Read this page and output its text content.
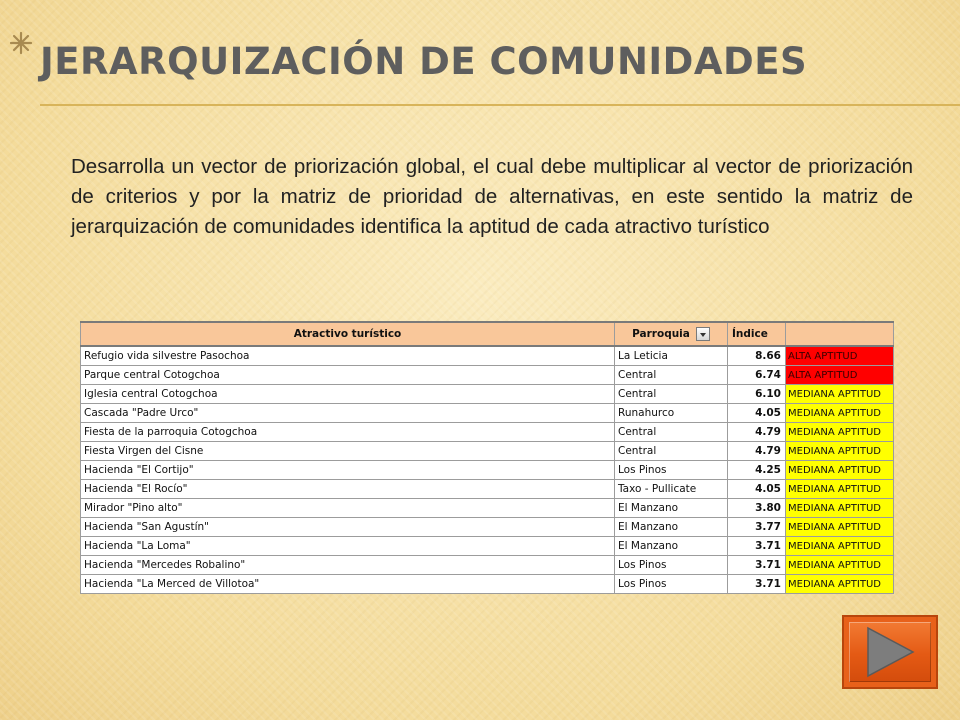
JERARQUIZACIÓN DE COMUNIDADES

Desarrolla un vector de priorización global, el cual debe multiplicar al vector de priorización de criterios y por la matriz de prioridad de alternativas, en este sentido la matriz de jerarquización de comunidades identifica la aptitud de cada atractivo turístico

Atractivo turístico	Parroquia	Índice	
Refugio vida silvestre Pasochoa	La Leticia	8.66	ALTA APTITUD
Parque central Cotogchoa	Central	6.74	ALTA APTITUD
Iglesia central Cotogchoa	Central	6.10	MEDIANA APTITUD
Cascada "Padre Urco"	Runahurco	4.05	MEDIANA APTITUD
Fiesta de la parroquia Cotogchoa	Central	4.79	MEDIANA APTITUD
Fiesta Virgen del Cisne	Central	4.79	MEDIANA APTITUD
Hacienda "El Cortijo"	Los Pinos	4.25	MEDIANA APTITUD
Hacienda "El Rocío"	Taxo - Pullicate	4.05	MEDIANA APTITUD
Mirador "Pino alto"	El Manzano	3.80	MEDIANA APTITUD
Hacienda "San Agustín"	El Manzano	3.77	MEDIANA APTITUD
Hacienda "La Loma"	El Manzano	3.71	MEDIANA APTITUD
Hacienda "Mercedes Robalino"	Los Pinos	3.71	MEDIANA APTITUD
Hacienda "La Merced de Villotoa"	Los Pinos	3.71	MEDIANA APTITUD
